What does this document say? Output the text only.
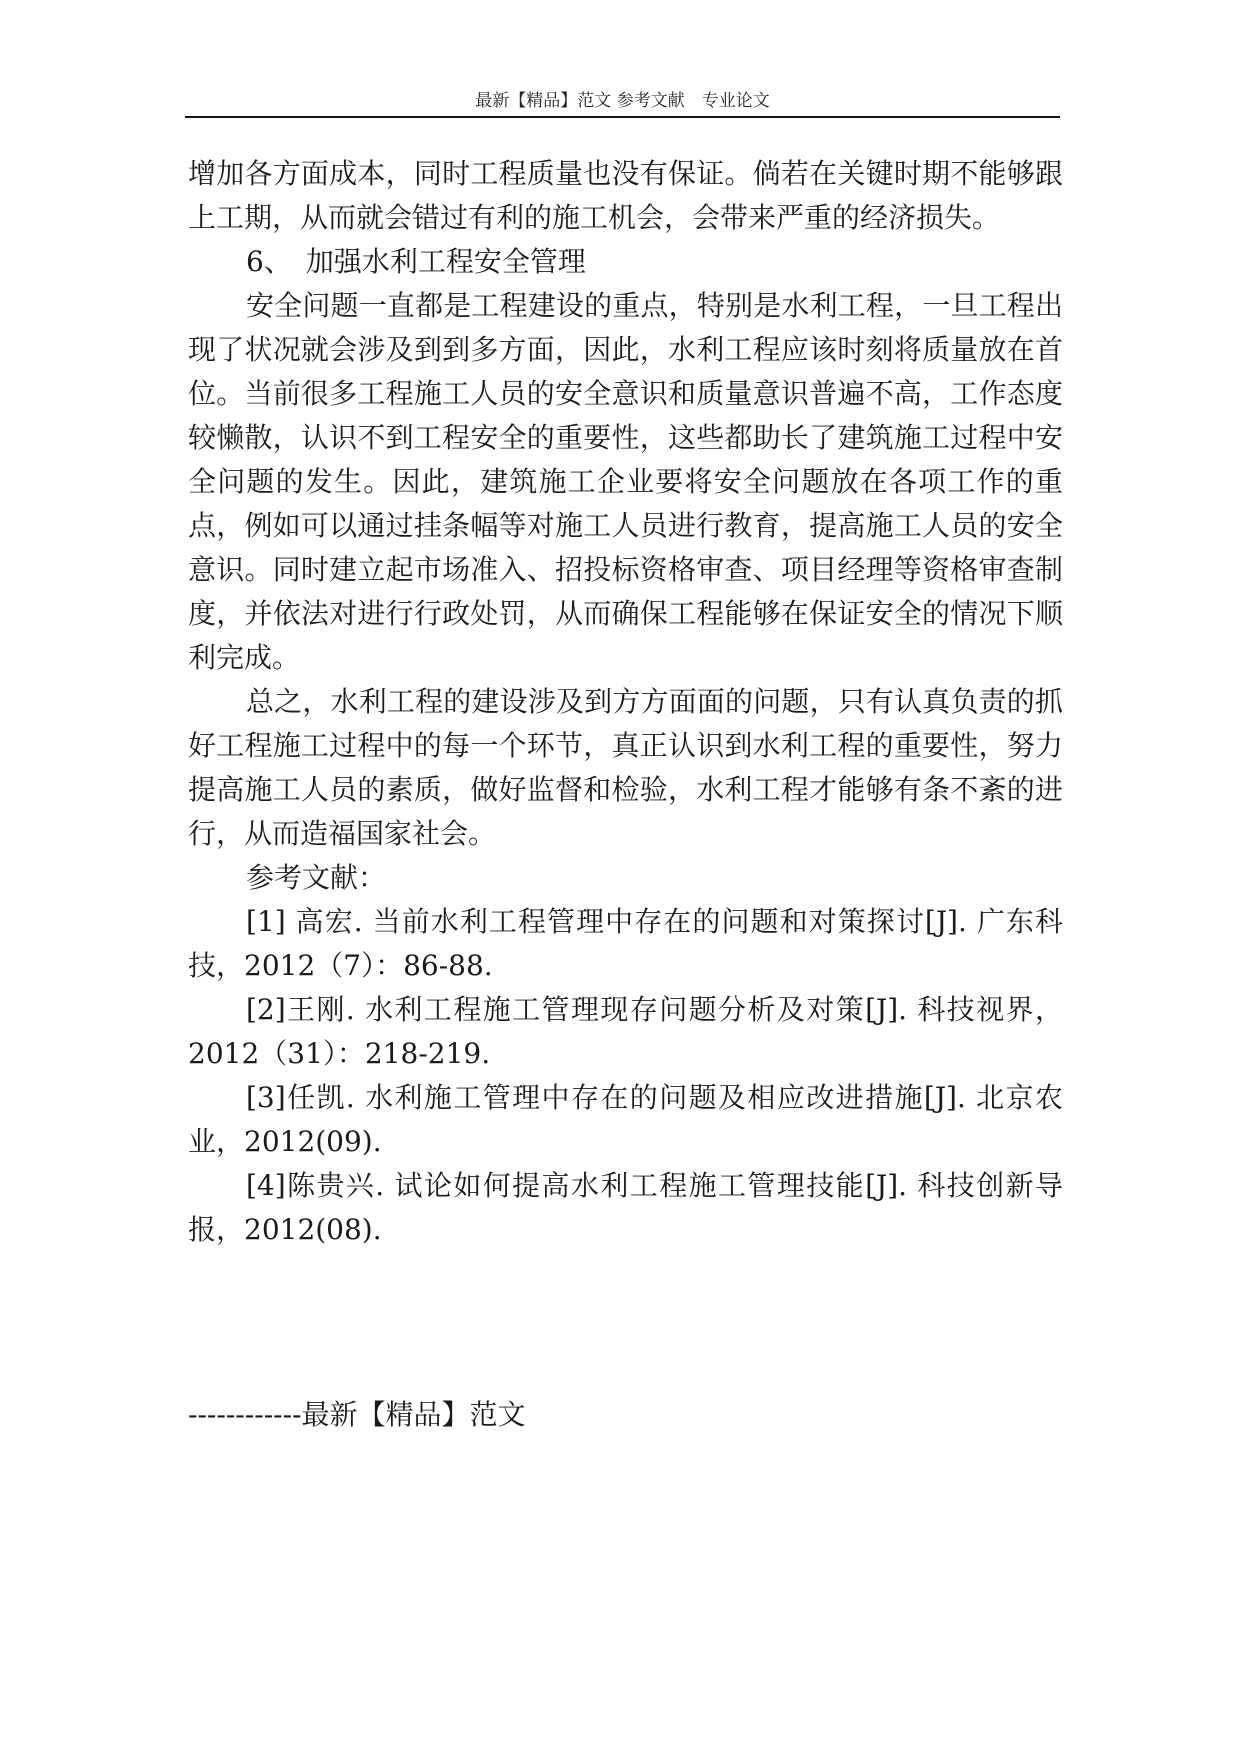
最新【精品】范文 参考文献　专业论文

增加各方面成本，同时工程质量也没有保证。倘若在关键时期不能够跟上工期，从而就会错过有利的施工机会，会带来严重的经济损失。

6、　加强水利工程安全管理

安全问题一直都是工程建设的重点，特别是水利工程，一旦工程出现了状况就会涉及到到多方面，因此，水利工程应该时刻将质量放在首位。当前很多工程施工人员的安全意识和质量意识普遍不高，工作态度较懒散，认识不到工程安全的重要性，这些都助长了建筑施工过程中安全问题的发生。因此，建筑施工企业要将安全问题放在各项工作的重点，例如可以通过挂条幅等对施工人员进行教育，提高施工人员的安全意识。同时建立起市场准入、招投标资格审查、项目经理等资格审查制度，并依法对进行行政处罚，从而确保工程能够在保证安全的情况下顺利完成。

总之，水利工程的建设涉及到方方面面的问题，只有认真负责的抓好工程施工过程中的每一个环节，真正认识到水利工程的重要性，努力提高施工人员的素质，做好监督和检验，水利工程才能够有条不紊的进行，从而造福国家社会。

参考文献：

[1] 高宏. 当前水利工程管理中存在的问题和对策探讨[J]. 广东科技，2012（7）：86-88.

[2]王刚. 水利工程施工管理现存问题分析及对策[J]. 科技视界，2012（31）：218-219.

[3]任凯. 水利施工管理中存在的问题及相应改进措施[J]. 北京农业，2012(09).

[4]陈贵兴. 试论如何提高水利工程施工管理技能[J]. 科技创新导报，2012(08).

------------最新【精品】范文
